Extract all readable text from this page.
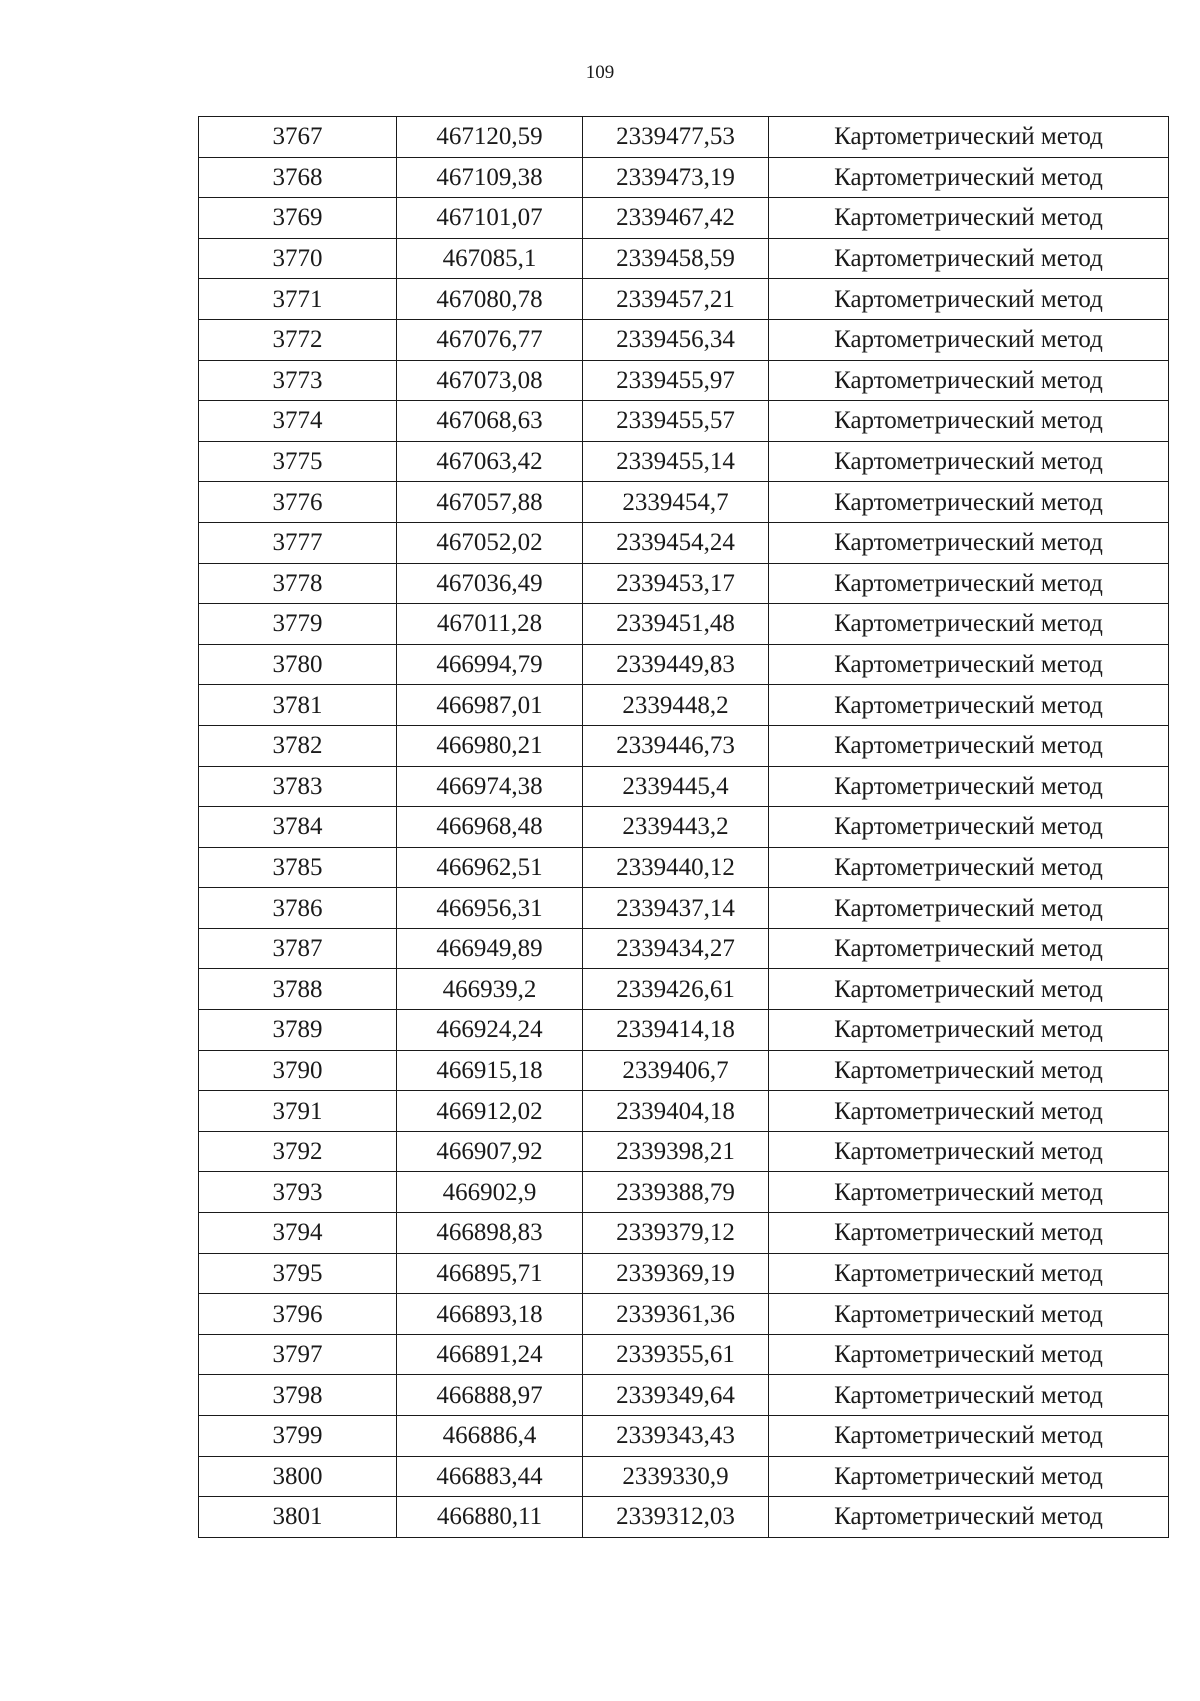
109
3767	467120,59	2339477,53	Картометрический метод
3768	467109,38	2339473,19	Картометрический метод
3769	467101,07	2339467,42	Картометрический метод
3770	467085,1	2339458,59	Картометрический метод
3771	467080,78	2339457,21	Картометрический метод
3772	467076,77	2339456,34	Картометрический метод
3773	467073,08	2339455,97	Картометрический метод
3774	467068,63	2339455,57	Картометрический метод
3775	467063,42	2339455,14	Картометрический метод
3776	467057,88	2339454,7	Картометрический метод
3777	467052,02	2339454,24	Картометрический метод
3778	467036,49	2339453,17	Картометрический метод
3779	467011,28	2339451,48	Картометрический метод
3780	466994,79	2339449,83	Картометрический метод
3781	466987,01	2339448,2	Картометрический метод
3782	466980,21	2339446,73	Картометрический метод
3783	466974,38	2339445,4	Картометрический метод
3784	466968,48	2339443,2	Картометрический метод
3785	466962,51	2339440,12	Картометрический метод
3786	466956,31	2339437,14	Картометрический метод
3787	466949,89	2339434,27	Картометрический метод
3788	466939,2	2339426,61	Картометрический метод
3789	466924,24	2339414,18	Картометрический метод
3790	466915,18	2339406,7	Картометрический метод
3791	466912,02	2339404,18	Картометрический метод
3792	466907,92	2339398,21	Картометрический метод
3793	466902,9	2339388,79	Картометрический метод
3794	466898,83	2339379,12	Картометрический метод
3795	466895,71	2339369,19	Картометрический метод
3796	466893,18	2339361,36	Картометрический метод
3797	466891,24	2339355,61	Картометрический метод
3798	466888,97	2339349,64	Картометрический метод
3799	466886,4	2339343,43	Картометрический метод
3800	466883,44	2339330,9	Картометрический метод
3801	466880,11	2339312,03	Картометрический метод
